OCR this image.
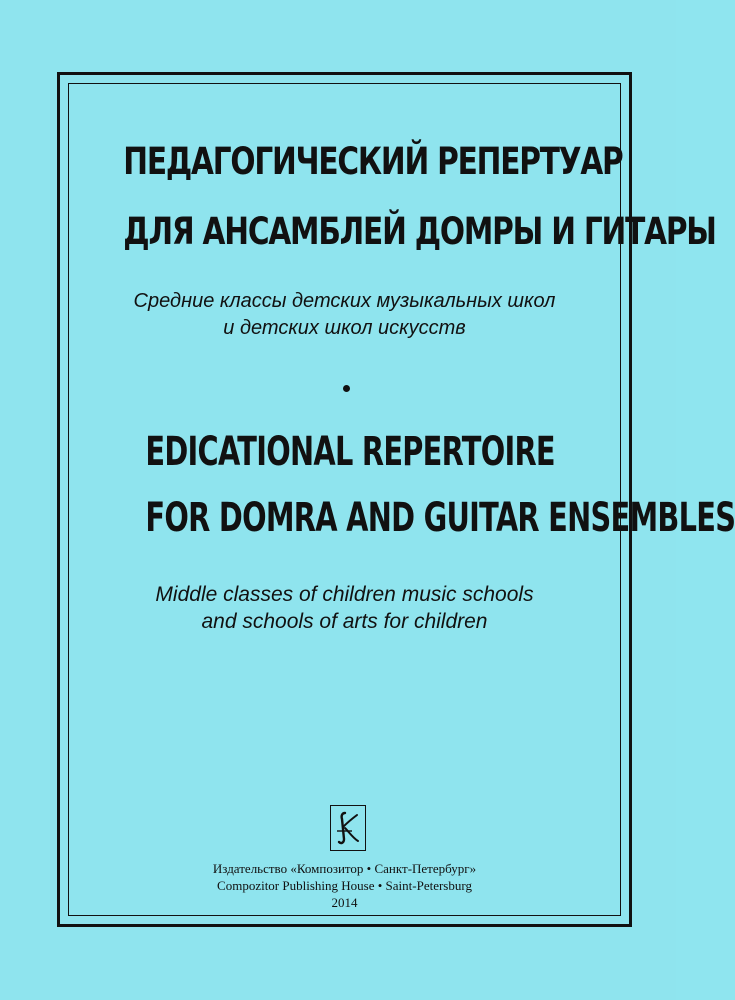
ПЕДАГОГИЧЕСКИЙ РЕПЕРТУАР
ДЛЯ АНСАМБЛЕЙ ДОМРЫ И ГИТАРЫ
Средние классы детских музыкальных школ
и детских школ искусств
EDICATIONAL REPERTOIRE
FOR DOMRA AND GUITAR ENSEMBLES
Middle classes of children music schools
and schools of arts for children
Издательство «Композитор • Санкт-Петербург»
Compozitor Publishing House • Saint-Petersburg
2014
